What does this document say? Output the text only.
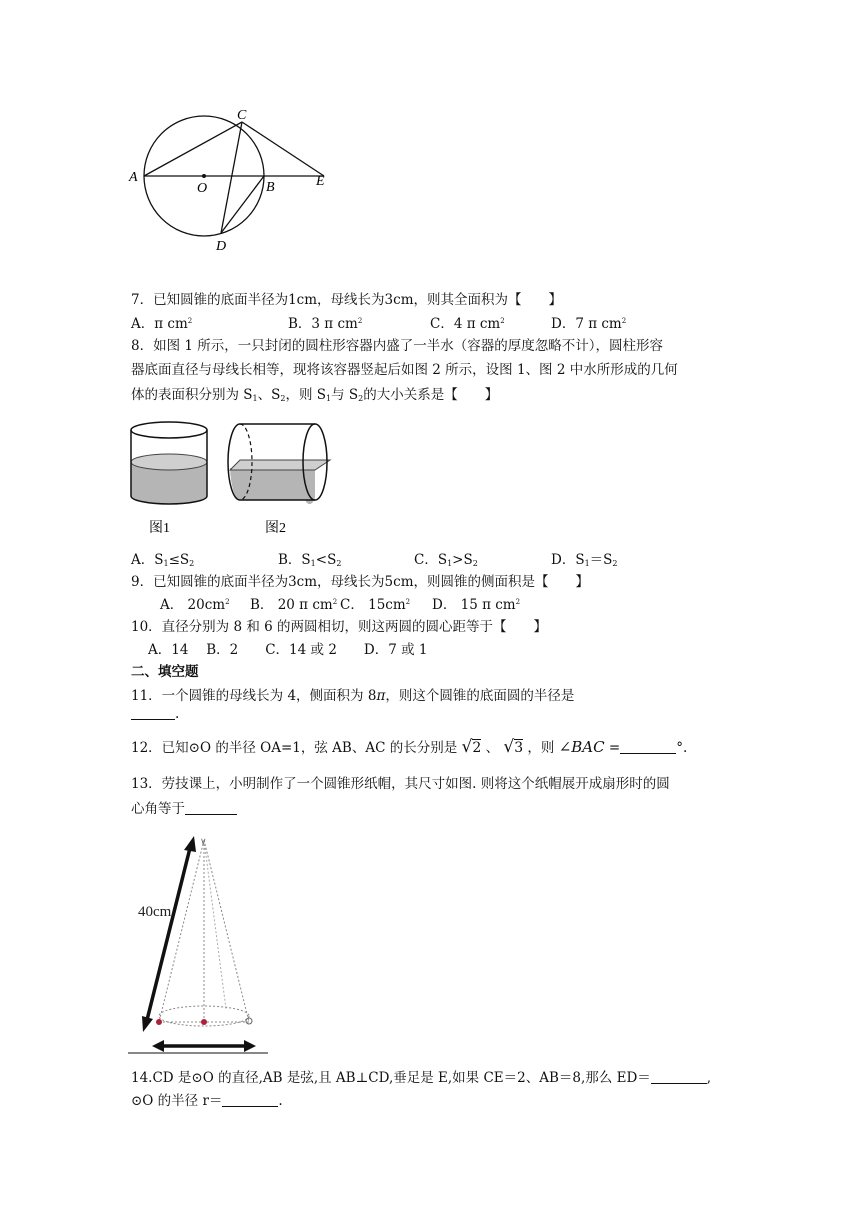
A
O	B
C
D
E
7．已知圆锥的底面半径为1cm，母线长为3cm，则其全面积为【　　】
A．π $cm^2$	B．3 π $cm^2$	C．4 π $cm^2$	D．7 π $cm^2$
8．如图 1 所示，一只封闭的圆柱形容器内盛了一半水（容器的厚度忽略不计），圆柱形容
器底面直径与母线长相等，现将该容器竖起后如图 2 所示，设图 1、图 2 中水所形成的几何
体的表面积分别为 $S_1$、$S_2$，则 $S_1$与 $S_2$的大小关系是【　　】
图1	图2
A．$S_1\le S_2$	B．$S_1<S_2$	C．$S_1>S_2$	D．$S_1=S_2$
9．已知圆锥的底面半径为3cm，母线长为5cm，则圆锥的侧面积是【　　】
A． $20cm^2$ B． 20 π $cm^2$ C． $15cm^2$ D． 15 π $cm^2$
10．直径分别为 8 和 6 的两圆相切，则这两圆的圆心距等于【　　】
A．14　 B．2　　C．14 或 2　　D．7 或 1
二、填空题
11．一个圆锥的母线长为 4，侧面积为 8π，则这个圆锥的底面圆的半径是
.
12．已知⊙O 的半径 OA=1，弦 AB、AC 的长分别是 √2 、 √3 ，则 ∠BAC =	°.
13．劳技课上，小明制作了一个圆锥形纸帽，其尺寸如图. 则将这个纸帽展开成扇形时的圆
心角等于
∨
40cm
14.CD 是⊙O 的直径,AB 是弦,且 AB⊥CD,垂足是 E,如果 CE＝2、AB＝8,那么 ED＝	,
⊙O 的半径 r＝	.
